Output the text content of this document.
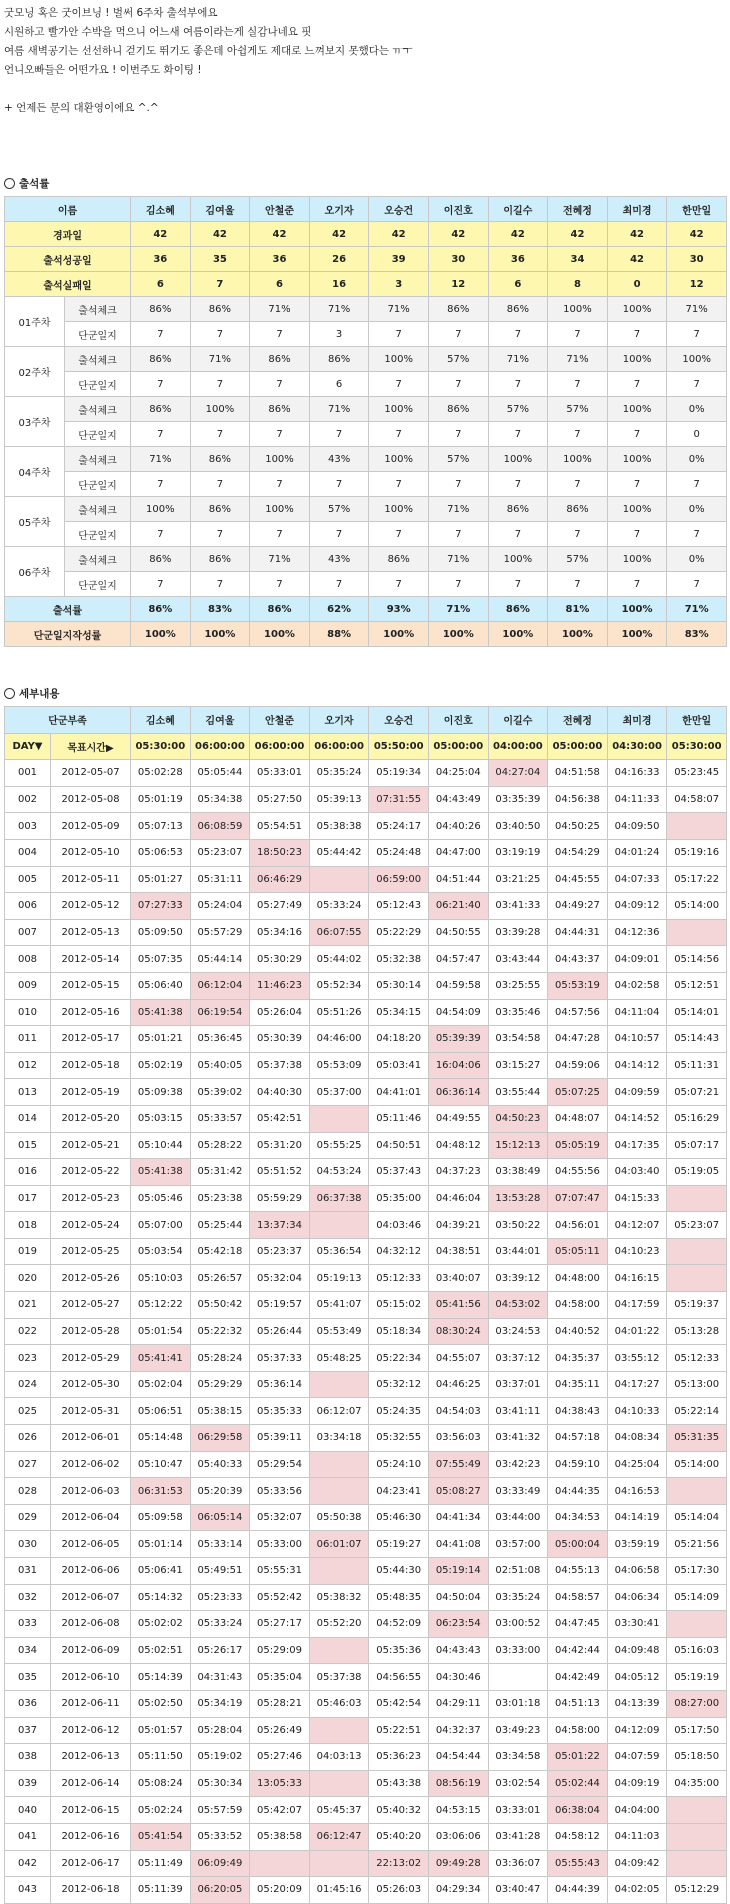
굿모닝 혹은 굿이브닝 ! 벌써 6주차 출석부에요

시원하고 빨가안 수박을 먹으니 어느새 여름이라는게 실감나네요 핏

여름 새벽공기는 선선하니 걷기도 뛰기도 좋은데 아쉽게도 제대로 느껴보지 못했다는 ㅠㅜ

언니오빠들은 어떤가요 ! 이번주도 화이팅 !

+ 언제든 문의 대환영이에요 ^.^

출석률
이름		김소혜	김여울	안철준	오기자	오승건	이진호	이길수	전혜정	최미경	한만일
경과일		42	42	42	42	42	42	42	42	42	42
출석성공일		36	35	36	26	39	30	36	34	42	30
출석실패일		6	7	6	16	3	12	6	8	0	12
01주차	출석체크	86%	86%	71%	71%	71%	86%	86%	100%	100%	71%
	단군일지	7	7	7	3	7	7	7	7	7	7
02주차	출석체크	86%	71%	86%	86%	100%	57%	71%	71%	100%	100%
	단군일지	7	7	7	6	7	7	7	7	7	7
03주차	출석체크	86%	100%	86%	71%	100%	86%	57%	57%	100%	0%
	단군일지	7	7	7	7	7	7	7	7	7	0
04주차	출석체크	71%	86%	100%	43%	100%	57%	100%	100%	100%	0%
	단군일지	7	7	7	7	7	7	7	7	7	7
05주차	출석체크	100%	86%	100%	57%	100%	71%	86%	86%	100%	0%
	단군일지	7	7	7	7	7	7	7	7	7	7
06주차	출석체크	86%	86%	71%	43%	86%	71%	100%	57%	100%	0%
	단군일지	7	7	7	7	7	7	7	7	7	7
출석률		86%	83%	86%	62%	93%	71%	86%	81%	100%	71%
단군일지작성률		100%	100%	100%	88%	100%	100%	100%	100%	100%	83%
세부내용
단군부족		김소혜	김여울	안철준	오기자	오승건	이진호	이길수	전혜정	최미경	한만일
DAY▼	목표시간▶	05:30:00	06:00:00	06:00:00	06:00:00	05:50:00	05:00:00	04:00:00	05:00:00	04:30:00	05:30:00
001	2012-05-07	05:02:28	05:05:44	05:33:01	05:35:24	05:19:34	04:25:04	04:27:04	04:51:58	04:16:33	05:23:45
002	2012-05-08	05:01:19	05:34:38	05:27:50	05:39:13	07:31:55	04:43:49	03:35:39	04:56:38	04:11:33	04:58:07
003	2012-05-09	05:07:13	06:08:59	05:54:51	05:38:38	05:24:17	04:40:26	03:40:50	04:50:25	04:09:50	
004	2012-05-10	05:06:53	05:23:07	18:50:23	05:44:42	05:24:48	04:47:00	03:19:19	04:54:29	04:01:24	05:19:16
005	2012-05-11	05:01:27	05:31:11	06:46:29		06:59:00	04:51:44	03:21:25	04:45:55	04:07:33	05:17:22
006	2012-05-12	07:27:33	05:24:04	05:27:49	05:33:24	05:12:43	06:21:40	03:41:33	04:49:27	04:09:12	05:14:00
007	2012-05-13	05:09:50	05:57:29	05:34:16	06:07:55	05:22:29	04:50:55	03:39:28	04:44:31	04:12:36	
008	2012-05-14	05:07:35	05:44:14	05:30:29	05:44:02	05:32:38	04:57:47	03:43:44	04:43:37	04:09:01	05:14:56
009	2012-05-15	05:06:40	06:12:04	11:46:23	05:52:34	05:30:14	04:59:58	03:25:55	05:53:19	04:02:58	05:12:51
010	2012-05-16	05:41:38	06:19:54	05:26:04	05:51:26	05:34:15	04:54:09	03:35:46	04:57:56	04:11:04	05:14:01
011	2012-05-17	05:01:21	05:36:45	05:30:39	04:46:00	04:18:20	05:39:39	03:54:58	04:47:28	04:10:57	05:14:43
012	2012-05-18	05:02:19	05:40:05	05:37:38	05:53:09	05:03:41	16:04:06	03:15:27	04:59:06	04:14:12	05:11:31
013	2012-05-19	05:09:38	05:39:02	04:40:30	05:37:00	04:41:01	06:36:14	03:55:44	05:07:25	04:09:59	05:07:21
014	2012-05-20	05:03:15	05:33:57	05:42:51		05:11:46	04:49:55	04:50:23	04:48:07	04:14:52	05:16:29
015	2012-05-21	05:10:44	05:28:22	05:31:20	05:55:25	04:50:51	04:48:12	15:12:13	05:05:19	04:17:35	05:07:17
016	2012-05-22	05:41:38	05:31:42	05:51:52	04:53:24	05:37:43	04:37:23	03:38:49	04:55:56	04:03:40	05:19:05
017	2012-05-23	05:05:46	05:23:38	05:59:29	06:37:38	05:35:00	04:46:04	13:53:28	07:07:47	04:15:33	
018	2012-05-24	05:07:00	05:25:44	13:37:34		04:03:46	04:39:21	03:50:22	04:56:01	04:12:07	05:23:07
019	2012-05-25	05:03:54	05:42:18	05:23:37	05:36:54	04:32:12	04:38:51	03:44:01	05:05:11	04:10:23	
020	2012-05-26	05:10:03	05:26:57	05:32:04	05:19:13	05:12:33	03:40:07	03:39:12	04:48:00	04:16:15	
021	2012-05-27	05:12:22	05:50:42	05:19:57	05:41:07	05:15:02	05:41:56	04:53:02	04:58:00	04:17:59	05:19:37
022	2012-05-28	05:01:54	05:22:32	05:26:44	05:53:49	05:18:34	08:30:24	03:24:53	04:40:52	04:01:22	05:13:28
023	2012-05-29	05:41:41	05:28:24	05:37:33	05:48:25	05:22:34	04:55:07	03:37:12	04:35:37	03:55:12	05:12:33
024	2012-05-30	05:02:04	05:29:29	05:36:14		05:32:12	04:46:25	03:37:01	04:35:11	04:17:27	05:13:00
025	2012-05-31	05:06:51	05:38:15	05:35:33	06:12:07	05:24:35	04:54:03	03:41:11	04:38:43	04:10:33	05:22:14
026	2012-06-01	05:14:48	06:29:58	05:39:11	03:34:18	05:32:55	03:56:03	03:41:32	04:57:18	04:08:34	05:31:35
027	2012-06-02	05:10:47	05:40:33	05:29:54		05:24:10	07:55:49	03:42:23	04:59:10	04:25:04	05:14:00
028	2012-06-03	06:31:53	05:20:39	05:33:56		04:23:41	05:08:27	03:33:49	04:44:35	04:16:53	
029	2012-06-04	05:09:58	06:05:14	05:32:07	05:50:38	05:46:30	04:41:34	03:44:00	04:34:53	04:14:19	05:14:04
030	2012-06-05	05:01:14	05:33:14	05:33:00	06:01:07	05:19:27	04:41:08	03:57:00	05:00:04	03:59:19	05:21:56
031	2012-06-06	05:06:41	05:49:51	05:55:31		05:44:30	05:19:14	02:51:08	04:55:13	04:06:58	05:17:30
032	2012-06-07	05:14:32	05:23:33	05:52:42	05:38:32	05:48:35	04:50:04	03:35:24	04:58:57	04:06:34	05:14:09
033	2012-06-08	05:02:02	05:33:24	05:27:17	05:52:20	04:52:09	06:23:54	03:00:52	04:47:45	03:30:41	
034	2012-06-09	05:02:51	05:26:17	05:29:09		05:35:36	04:43:43	03:33:00	04:42:44	04:09:48	05:16:03
035	2012-06-10	05:14:39	04:31:43	05:35:04	05:37:38	04:56:55	04:30:46		04:42:49	04:05:12	05:19:19
036	2012-06-11	05:02:50	05:34:19	05:28:21	05:46:03	05:42:54	04:29:11	03:01:18	04:51:13	04:13:39	08:27:00
037	2012-06-12	05:01:57	05:28:04	05:26:49		05:22:51	04:32:37	03:49:23	04:58:00	04:12:09	05:17:50
038	2012-06-13	05:11:50	05:19:02	05:27:46	04:03:13	05:36:23	04:54:44	03:34:58	05:01:22	04:07:59	05:18:50
039	2012-06-14	05:08:24	05:30:34	13:05:33		05:43:38	08:56:19	03:02:54	05:02:44	04:09:19	04:35:00
040	2012-06-15	05:02:24	05:57:59	05:42:07	05:45:37	05:40:32	04:53:15	03:33:01	06:38:04	04:04:00	
041	2012-06-16	05:41:54	05:33:52	05:38:58	06:12:47	05:40:20	03:06:06	03:41:28	04:58:12	04:11:03	
042	2012-06-17	05:11:49	06:09:49			22:13:02	09:49:28	03:36:07	05:55:43	04:09:42	
043	2012-06-18	05:11:39	06:20:05	05:20:09	01:45:16	05:26:03	04:29:34	03:40:47	04:44:39	04:02:05	05:12:29
